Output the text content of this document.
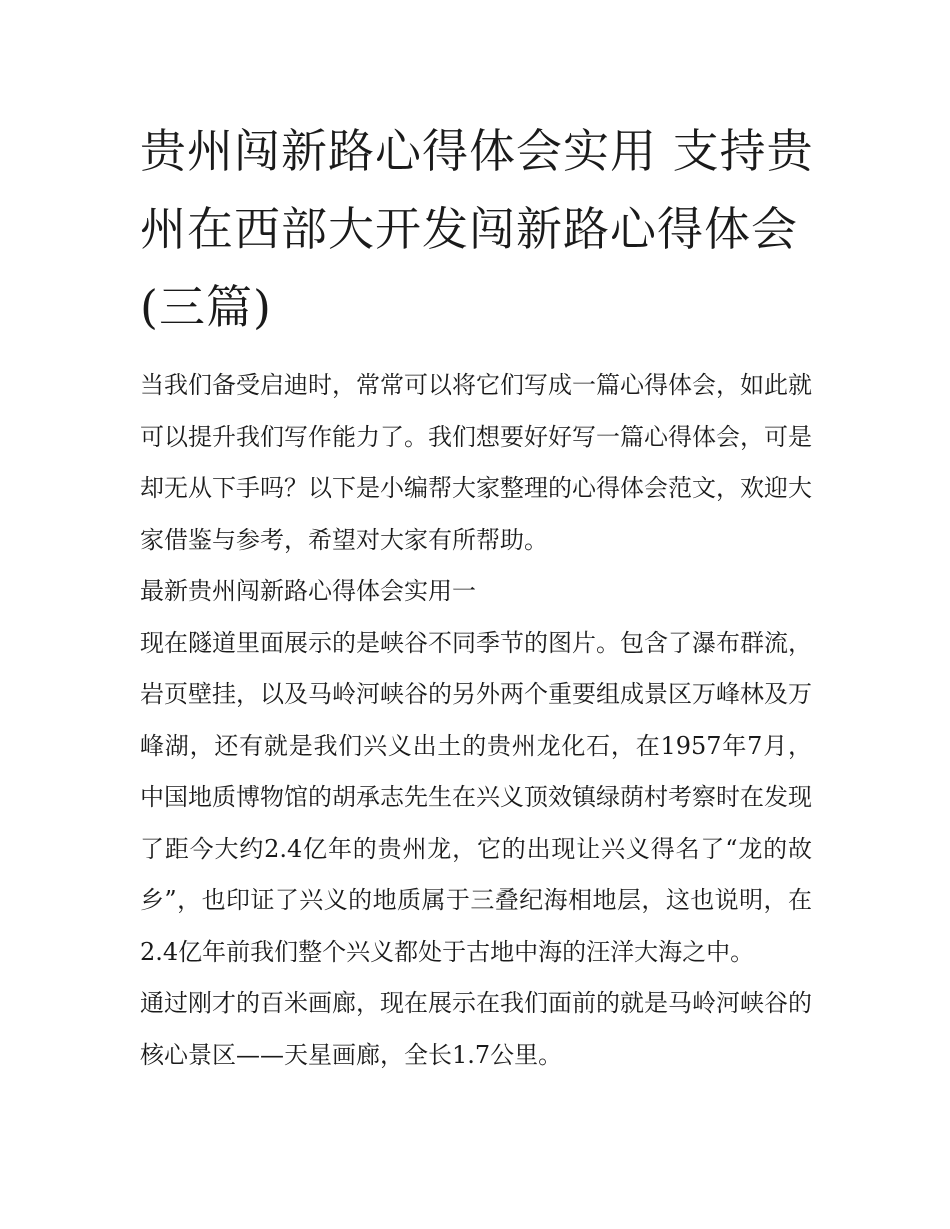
贵州闯新路心得体会实用 支持贵州在西部大开发闯新路心得体会(三篇)

当我们备受启迪时，常常可以将它们写成一篇心得体会，如此就可以提升我们写作能力了。我们想要好好写一篇心得体会，可是却无从下手吗？以下是小编帮大家整理的心得体会范文，欢迎大家借鉴与参考，希望对大家有所帮助。

最新贵州闯新路心得体会实用一

现在隧道里面展示的是峡谷不同季节的图片。包含了瀑布群流，岩页壁挂，以及马岭河峡谷的另外两个重要组成景区万峰林及万峰湖，还有就是我们兴义出土的贵州龙化石，在1957年7月，中国地质博物馆的胡承志先生在兴义顶效镇绿荫村考察时在发现了距今大约2.4亿年的贵州龙，它的出现让兴义得名了“龙的故乡”，也印证了兴义的地质属于三叠纪海相地层，这也说明，在2.4亿年前我们整个兴义都处于古地中海的汪洋大海之中。

通过刚才的百米画廊，现在展示在我们面前的就是马岭河峡谷的核心景区——天星画廊，全长1.7公里。
